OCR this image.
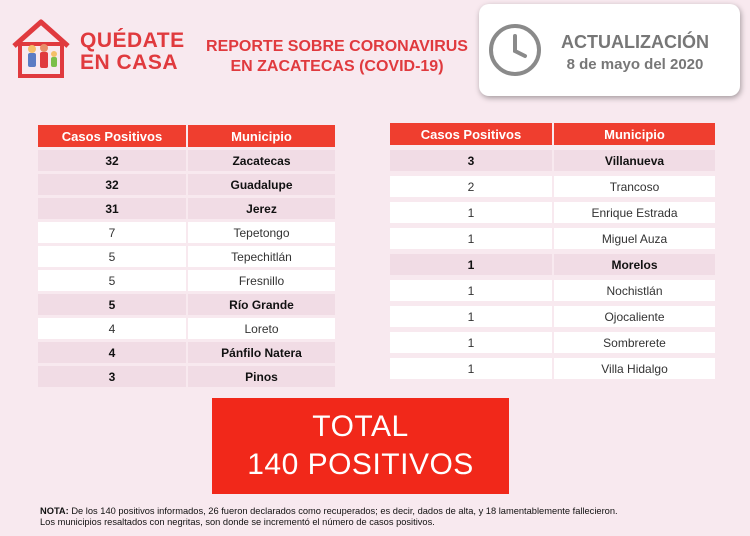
QUÉDATE
EN CASA
REPORTE SOBRE CORONAVIRUS
EN ZACATECAS (COVID-19)
ACTUALIZACIÓN
8 de mayo del 2020
Casos Positivos	Municipio
32	Zacatecas
32	Guadalupe
31	Jerez
7	Tepetongo
5	Tepechitlán
5	Fresnillo
5	Río Grande
4	Loreto
4	Pánfilo Natera
3	Pinos
Casos Positivos	Municipio
3	Villanueva
2	Trancoso
1	Enrique Estrada
1	Miguel Auza
1	Morelos
1	Nochistlán
1	Ojocaliente
1	Sombrerete
1	Villa Hidalgo
TOTAL
140 POSITIVOS
NOTA: De los 140 positivos informados, 26 fueron declarados como recuperados; es decir, dados de alta, y 18 lamentablemente fallecieron.
Los municipios resaltados con negritas, son donde se incrementó el número de casos positivos.
